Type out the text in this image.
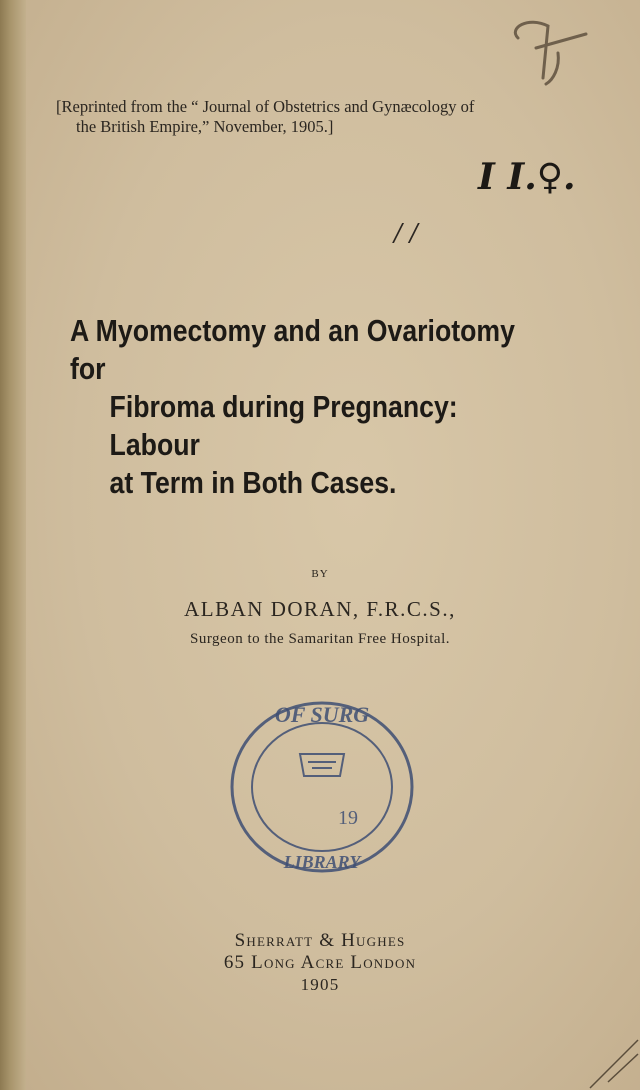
[Reprinted from the “ Journal of Obstetrics and Gynæcology of
the British Empire,” November, 1905.]
I I.♀.
/ /
A Myomectomy and an Ovariotomy for
Fibroma during Pregnancy: Labour
at Term in Both Cases.
BY
ALBAN DORAN, F.R.C.S.,
Surgeon to the Samaritan Free Hospital.
OF SURG
19
LIBRARY
Sherratt & Hughes
65 Long Acre London
1905
